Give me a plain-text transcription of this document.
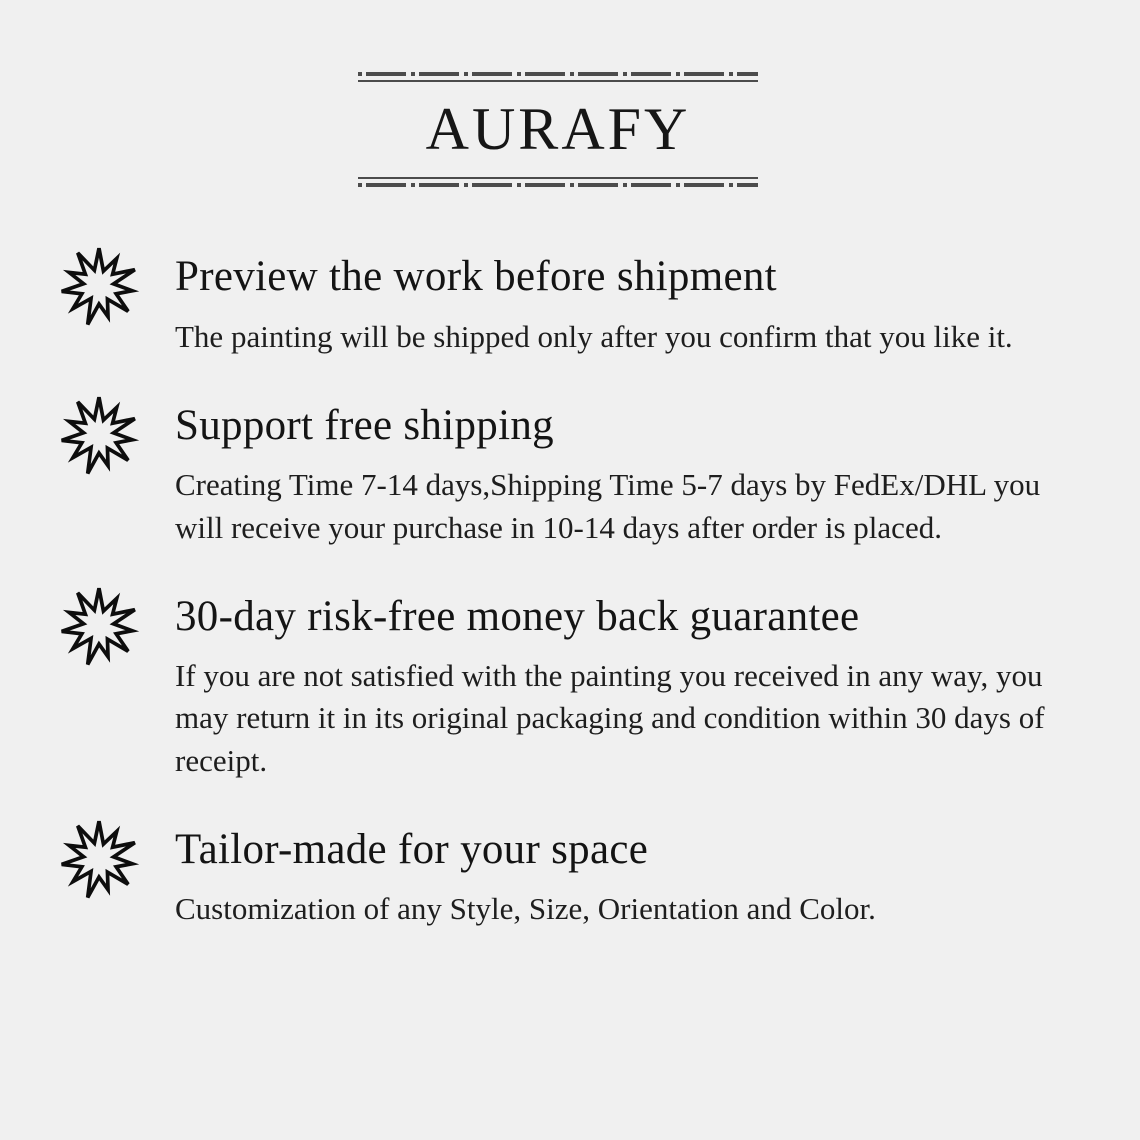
AURAFY
Preview the work before shipment

The painting will be shipped only after you confirm that you like it.

Support free shipping

Creating Time 7-14 days,Shipping Time 5-7 days by FedEx/DHL you will receive your purchase in 10-14 days after order is placed.

30-day risk-free money back guarantee

If you are not satisfied with the painting you received in any way, you may return it in its original packaging and condition within 30 days of receipt.

Tailor-made for your space

Customization of any Style, Size, Orientation and Color.
